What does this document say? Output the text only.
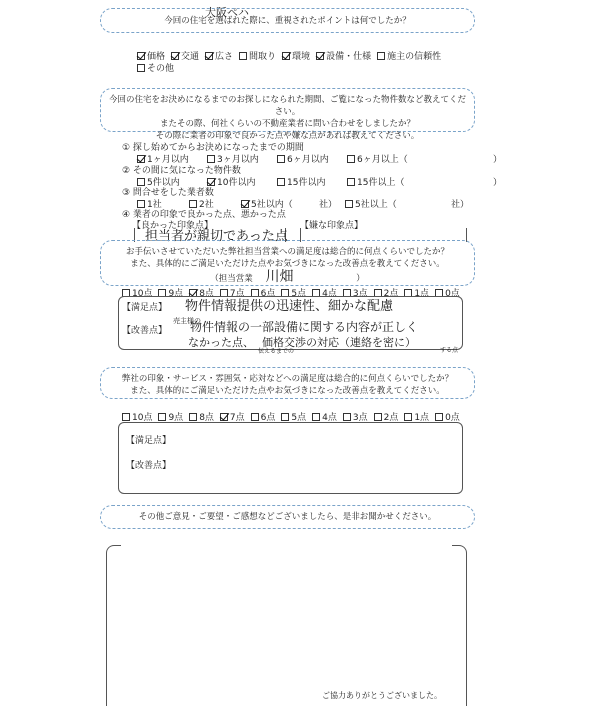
大阪ペハ
今回の住宅を選ばれた際に、重視されたポイントは何でしたか？
価格 交通 広さ 間取り 環境 設備・仕様 施主の信頼性
その他
今回の住宅をお決めになるまでのお探しになられた期間、ご覧になった物件数など教えてください。
またその際、何社くらいの不動産業者に問い合わせをしましたか？
その際に業者の印象で良かった点や嫌な点があれば教えてください。
① 探し始めてからお決めになったまでの期間
1ヶ月以内	3ヶ月以内	6ヶ月以内	6ヶ月以上（	）
② その間に気になった物件数
5件以内	10件以内	15件以内	15件以上（	）
③ 問合せをした業者数
1社	2社	5社以内（	社）	5社以上（	社）
④ 業者の印象で良かった点、悪かった点
【良かった印象点】	【嫌な印象点】
担当者が親切であった点
お手伝いさせていただいた弊社担当営業への満足度は総合的に何点くらいでしたか？
また、具体的にご満足いただけた点やお気づきになった改善点を教えてください。
（担当営業 川畑	）
10点 9点 8点 7点 6点 5点 4点 3点 2点 1点 0点
【満足点】 物件情報提供の迅速性、細かな配慮
【改善点】
売主様の
物件情報の一部設備に関する内容が正しく
なかった点、
伝えるまでの
価格交渉の対応（連絡を密に）
する点
弊社の印象・サービス・雰囲気・応対などへの満足度は総合的に何点くらいでしたか？
また、具体的にご満足いただけた点やお気づきになった改善点を教えてください。
10点 9点 8点 7点 6点 5点 4点 3点 2点 1点 0点
【満足点】
【改善点】
その他ご意見・ご要望・ご感想などございましたら、是非お聞かせください。
ご協力ありがとうございました。
